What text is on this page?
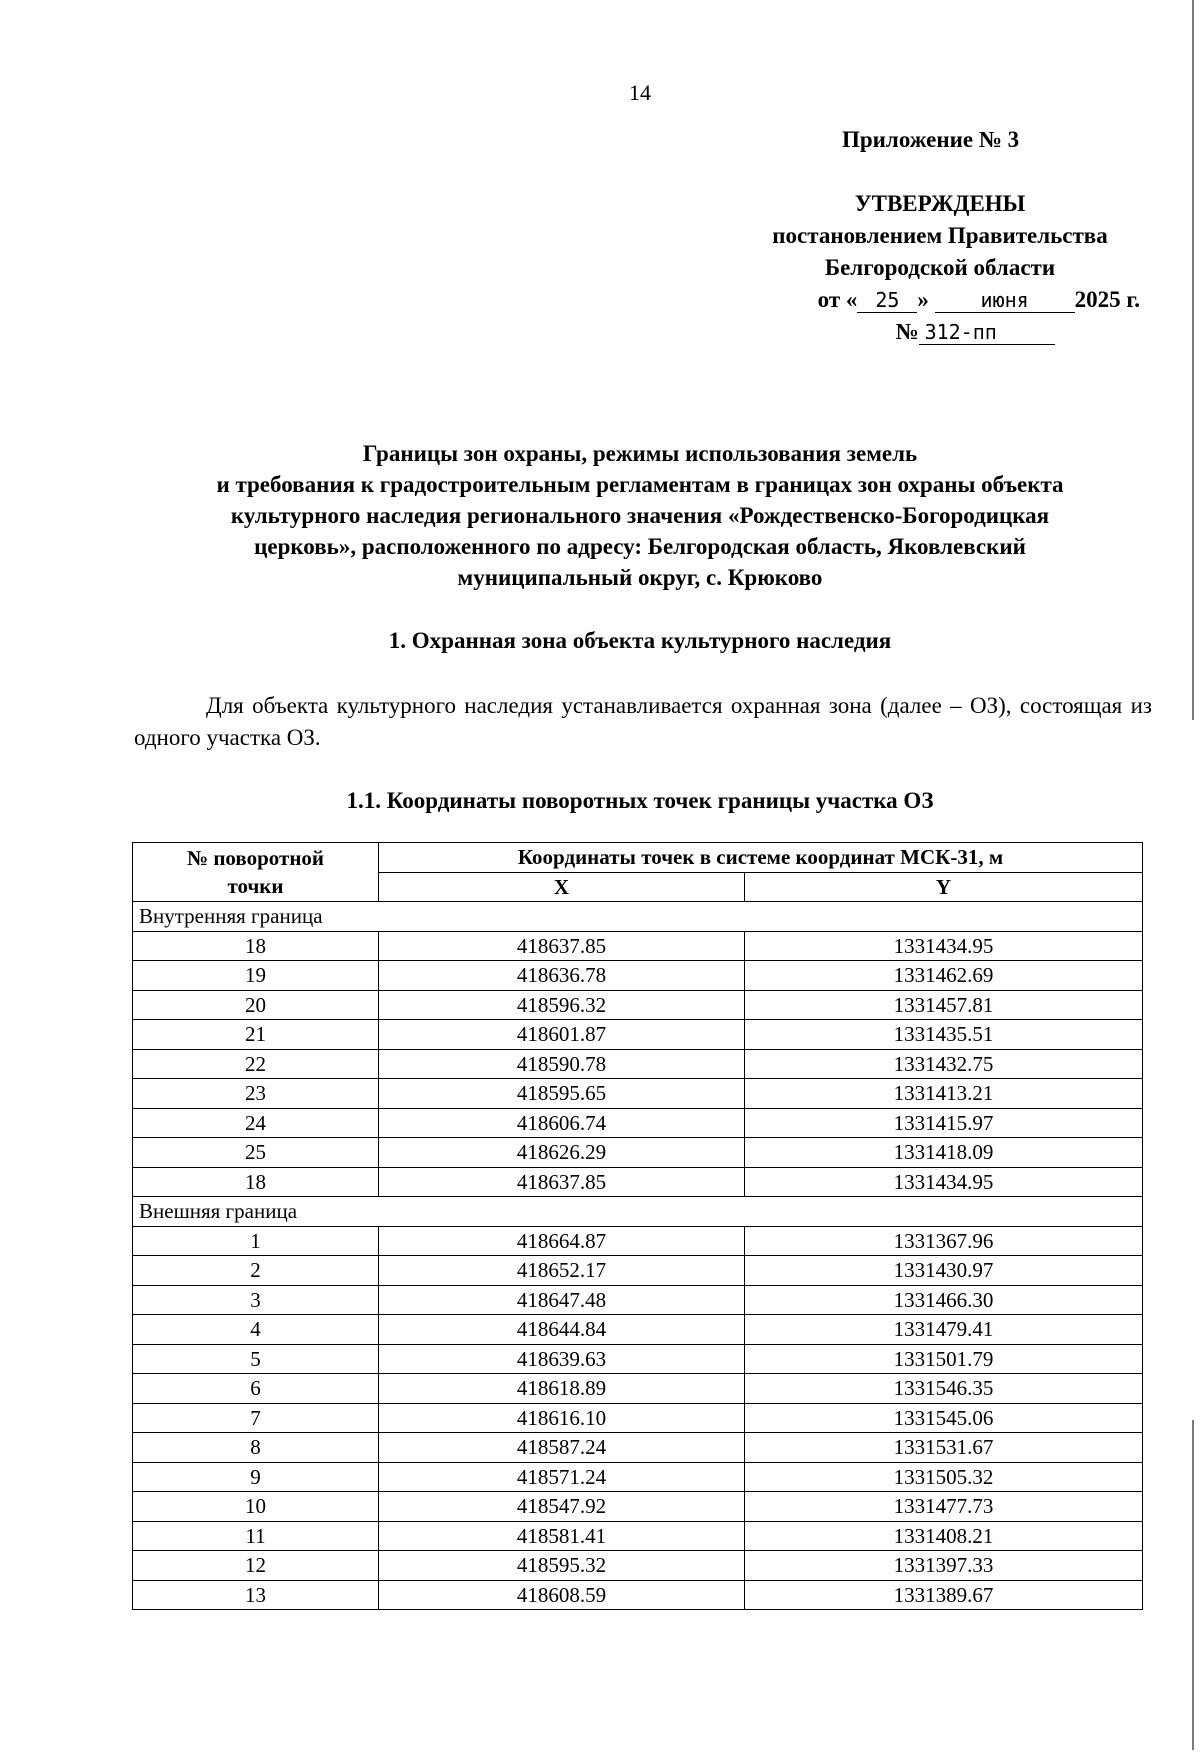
14
Приложение № 3
УТВЕРЖДЕНЫ
постановлением Правительства
Белгородской области
от « 25 »	июня 2025 г.
№ 312-пп
Границы зон охраны, режимы использования земель
и требования к градостроительным регламентам в границах зон охраны объекта
культурного наследия регионального значения «Рождественско-Богородицкая
церковь», расположенного по адресу: Белгородская область, Яковлевский
муниципальный округ, с. Крюково
1. Охранная зона объекта культурного наследия
Для объекта культурного наследия устанавливается охранная зона (далее – ОЗ), состоящая из одного участка ОЗ.
1.1. Координаты поворотных точек границы участка ОЗ
№ поворотной
точки	Координаты точек в системе координат МСК-31, м	
	X	Y
Внутренняя граница		
18	418637.85	1331434.95
19	418636.78	1331462.69
20	418596.32	1331457.81
21	418601.87	1331435.51
22	418590.78	1331432.75
23	418595.65	1331413.21
24	418606.74	1331415.97
25	418626.29	1331418.09
18	418637.85	1331434.95
Внешняя граница		
1	418664.87	1331367.96
2	418652.17	1331430.97
3	418647.48	1331466.30
4	418644.84	1331479.41
5	418639.63	1331501.79
6	418618.89	1331546.35
7	418616.10	1331545.06
8	418587.24	1331531.67
9	418571.24	1331505.32
10	418547.92	1331477.73
11	418581.41	1331408.21
12	418595.32	1331397.33
13	418608.59	1331389.67
